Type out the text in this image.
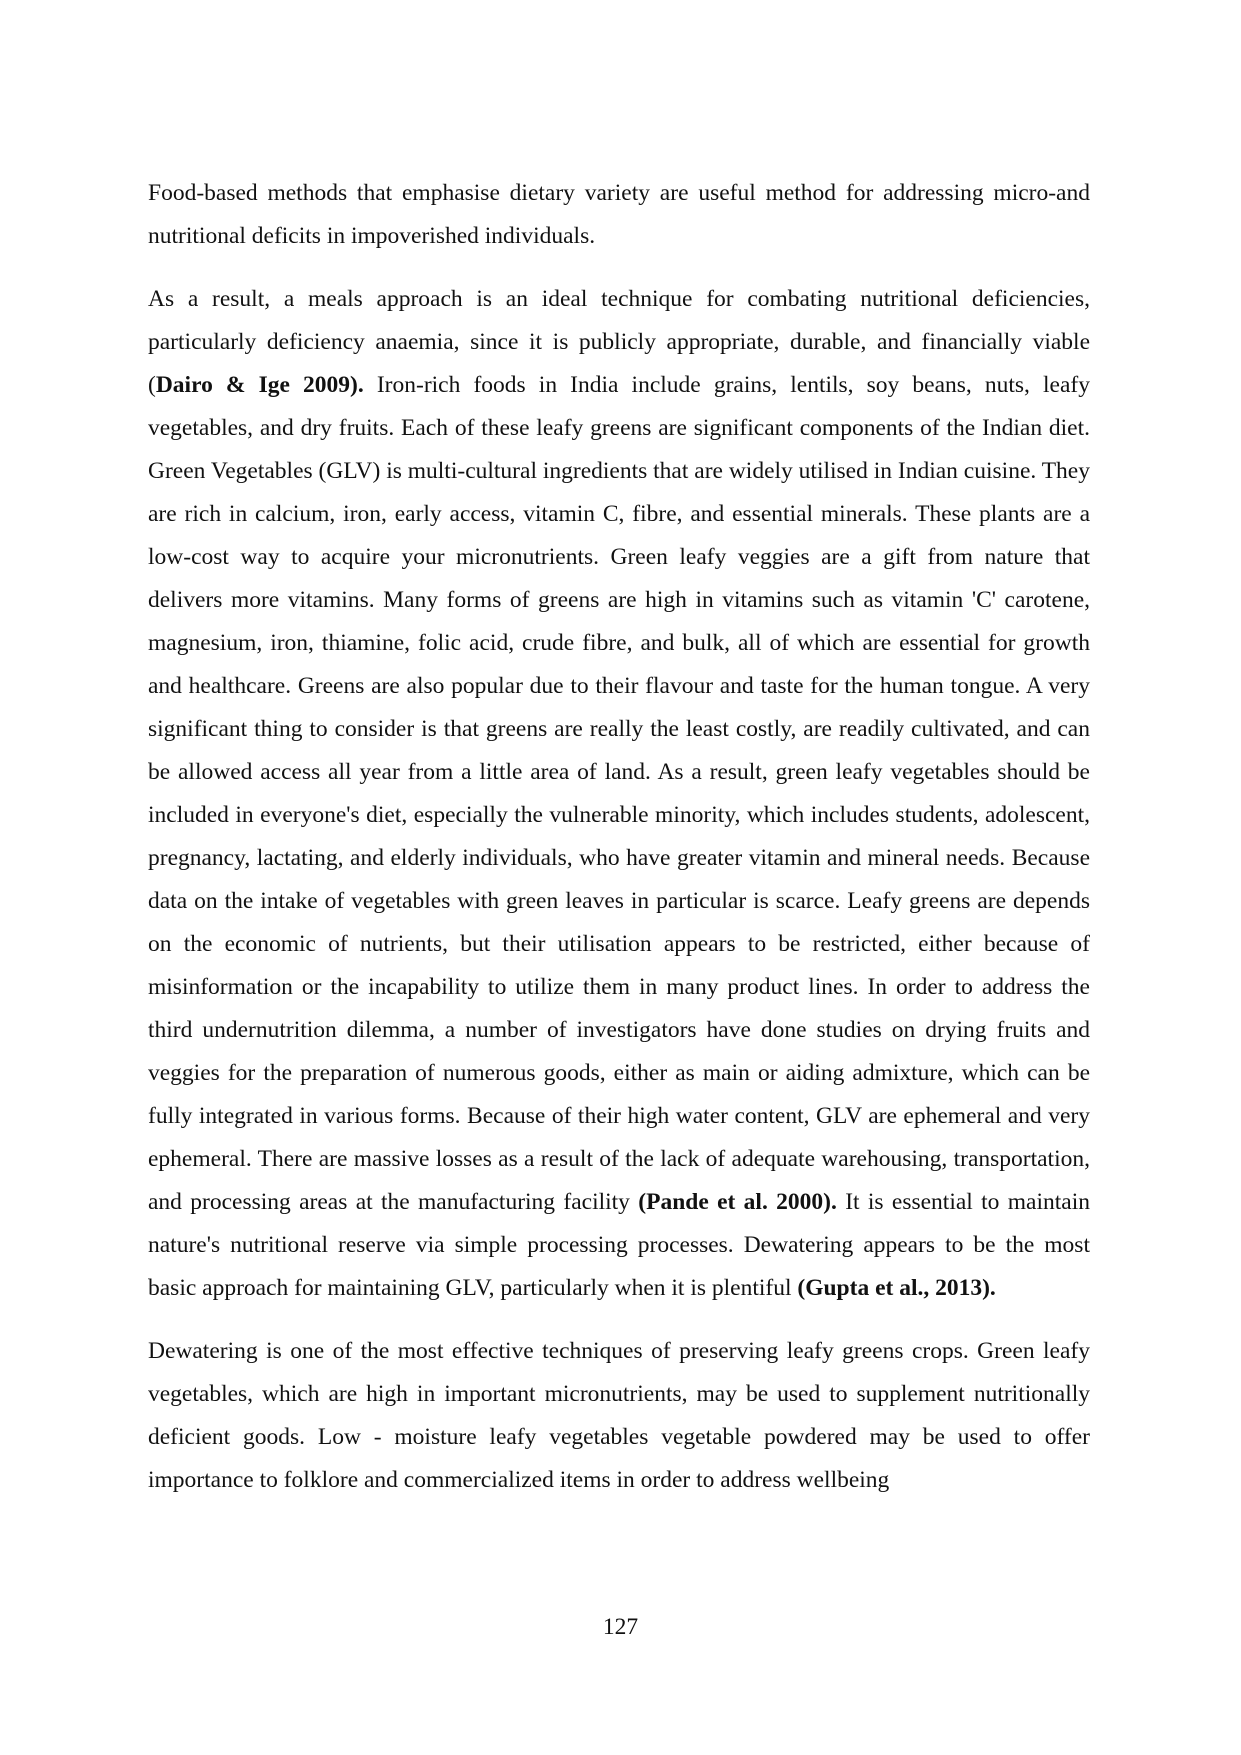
Food-based methods that emphasise dietary variety are useful method for addressing micro-and nutritional deficits in impoverished individuals.

As a result, a meals approach is an ideal technique for combating nutritional deficiencies, particularly deficiency anaemia, since it is publicly appropriate, durable, and financially viable (Dairo & Ige 2009). Iron-rich foods in India include grains, lentils, soy beans, nuts, leafy vegetables, and dry fruits. Each of these leafy greens are significant components of the Indian diet. Green Vegetables (GLV) is multi-cultural ingredients that are widely utilised in Indian cuisine. They are rich in calcium, iron, early access, vitamin C, fibre, and essential minerals. These plants are a low-cost way to acquire your micronutrients. Green leafy veggies are a gift from nature that delivers more vitamins. Many forms of greens are high in vitamins such as vitamin 'C' carotene, magnesium, iron, thiamine, folic acid, crude fibre, and bulk, all of which are essential for growth and healthcare. Greens are also popular due to their flavour and taste for the human tongue. A very significant thing to consider is that greens are really the least costly, are readily cultivated, and can be allowed access all year from a little area of land. As a result, green leafy vegetables should be included in everyone's diet, especially the vulnerable minority, which includes students, adolescent, pregnancy, lactating, and elderly individuals, who have greater vitamin and mineral needs. Because data on the intake of vegetables with green leaves in particular is scarce. Leafy greens are depends on the economic of nutrients, but their utilisation appears to be restricted, either because of misinformation or the incapability to utilize them in many product lines. In order to address the third undernutrition dilemma, a number of investigators have done studies on drying fruits and veggies for the preparation of numerous goods, either as main or aiding admixture, which can be fully integrated in various forms. Because of their high water content, GLV are ephemeral and very ephemeral. There are massive losses as a result of the lack of adequate warehousing, transportation, and processing areas at the manufacturing facility (Pande et al. 2000). It is essential to maintain nature's nutritional reserve via simple processing processes. Dewatering appears to be the most basic approach for maintaining GLV, particularly when it is plentiful (Gupta et al., 2013).

Dewatering is one of the most effective techniques of preserving leafy greens crops. Green leafy vegetables, which are high in important micronutrients, may be used to supplement nutritionally deficient goods. Low - moisture leafy vegetables vegetable powdered may be used to offer importance to folklore and commercialized items in order to address wellbeing

127
